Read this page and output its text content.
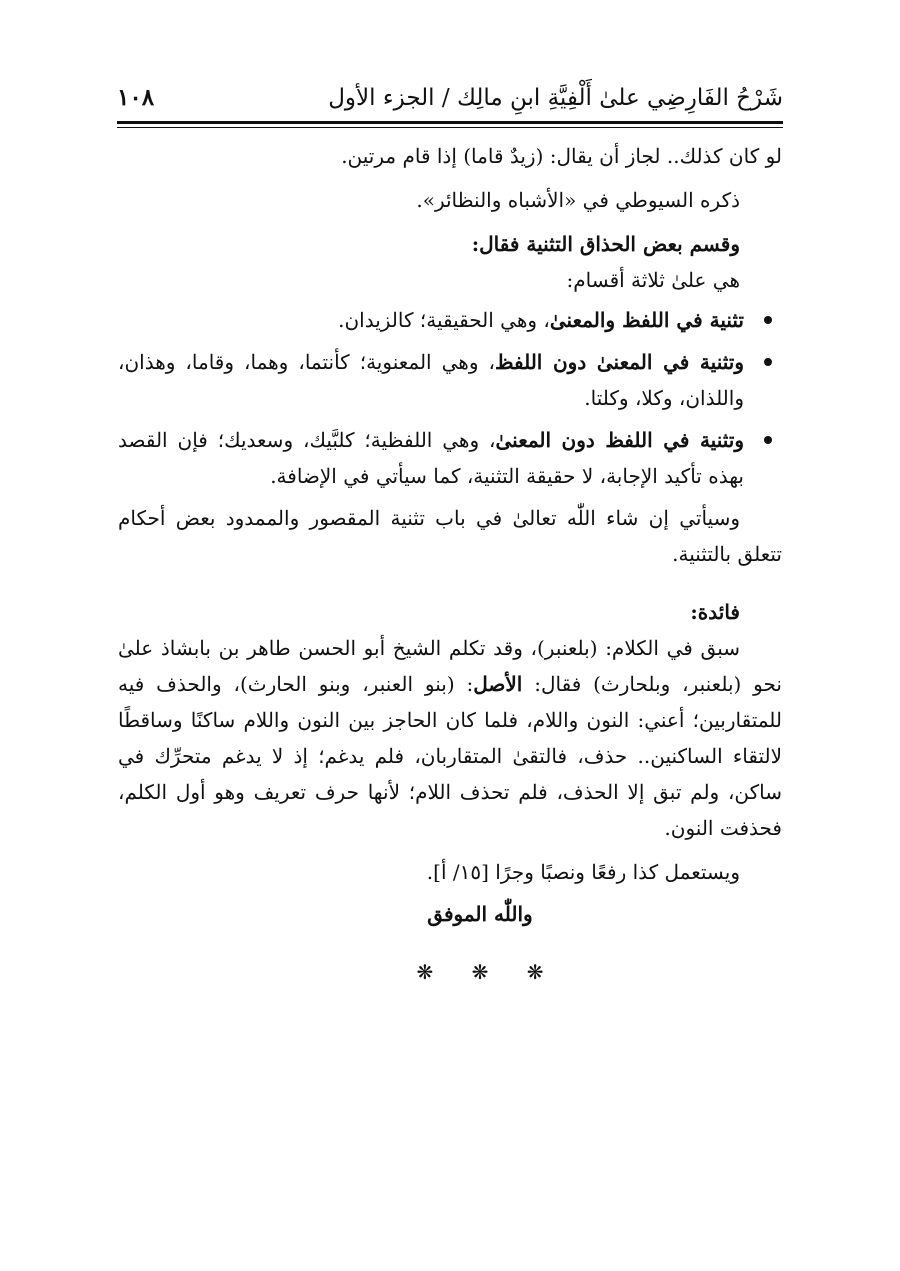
شَرْحُ الفَارِضِي علىٰ أَلْفِيَّةِ ابنِ مالِك / الجزء الأول
١٠٨

لو كان كذلك.. لجاز أن يقال: (زيدٌ قاما) إذا قام مرتين.

ذكره السيوطي في «الأشباه والنظائر».

وقسم بعض الحذاق التثنية فقال:

هي علىٰ ثلاثة أقسام:

تثنية في اللفظ والمعنىٰ، وهي الحقيقية؛ كالزيدان.
وتثنية في المعنىٰ دون اللفظ، وهي المعنوية؛ كأنتما، وهما، وقاما، وهذان، واللذان، وكلا، وكلتا.
وتثنية في اللفظ دون المعنىٰ، وهي اللفظية؛ كلبَّيك، وسعديك؛ فإن القصد بهذه تأكيد الإجابة، لا حقيقة التثنية، كما سيأتي في الإضافة.

وسيأتي إن شاء اللّٰه تعالىٰ في باب تثنية المقصور والممدود بعض أحكام تتعلق بالتثنية.

فائدة:

سبق في الكلام: (بلعنبر)، وقد تكلم الشيخ أبو الحسن طاهر بن بابشاذ علىٰ نحو (بلعنبر، وبلحارث) فقال: الأصل: (بنو العنبر، وبنو الحارث)، والحذف فيه للمتقاربين؛ أعني: النون واللام، فلما كان الحاجز بين النون واللام ساكنًا وساقطًا لالتقاء الساكنين.. حذف، فالتقىٰ المتقاربان، فلم يدغم؛ إذ لا يدغم متحرِّك في ساكن، ولم تبق إلا الحذف، فلم تحذف اللام؛ لأنها حرف تعريف وهو أول الكلم، فحذفت النون.

ويستعمل كذا رفعًا ونصبًا وجرًا [١٥/ أ].

واللّٰه الموفق

❋ ❋ ❋
